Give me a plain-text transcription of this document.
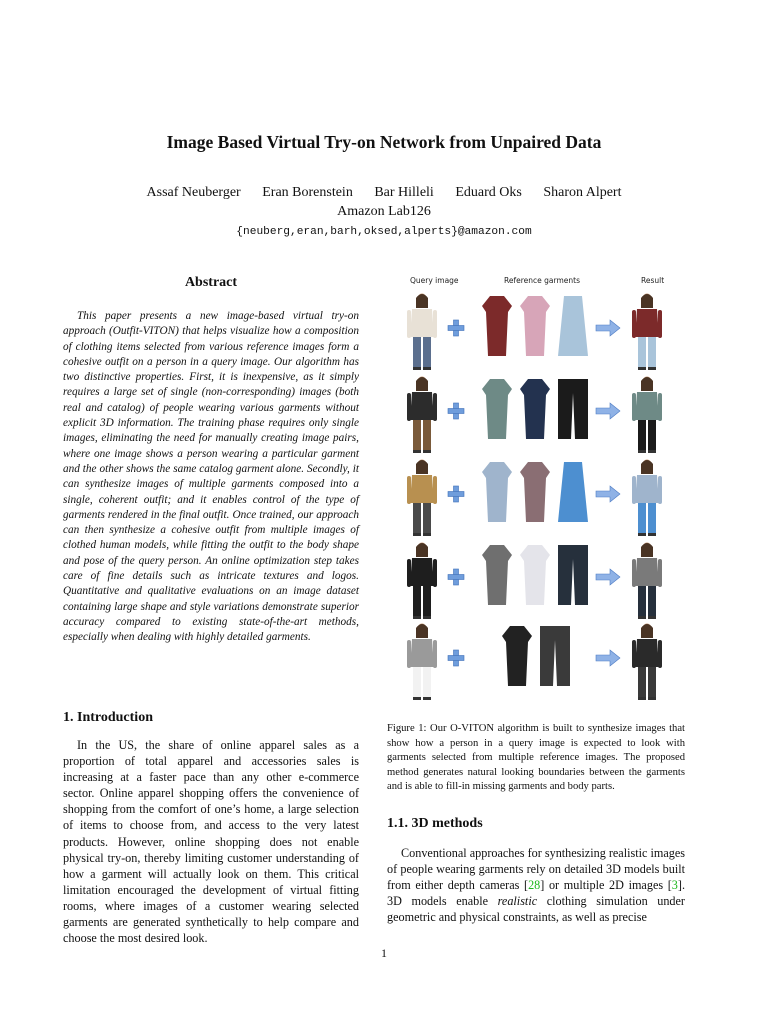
Image Based Virtual Try-on Network from Unpaired Data
Assaf Neuberger Eran Borenstein Bar Hilleli Eduard Oks Sharon Alpert
Amazon Lab126
{neuberg,eran,barh,oksed,alperts}@amazon.com
Abstract
This paper presents a new image-based virtual try-on approach (Outfit-VITON) that helps visualize how a composition of clothing items selected from various reference images form a cohesive outfit on a person in a query image. Our algorithm has two distinctive properties. First, it is inexpensive, as it simply requires a large set of single (non-corresponding) images (both real and catalog) of people wearing various garments without explicit 3D information. The training phase requires only single images, eliminating the need for manually creating image pairs, where one image shows a person wearing a particular garment and the other shows the same catalog garment alone. Secondly, it can synthesize images of multiple garments composed into a single, coherent outfit; and it enables control of the type of garments rendered in the final outfit. Once trained, our approach can then synthesize a cohesive outfit from multiple images of clothed human models, while fitting the outfit to the body shape and pose of the query person. An online optimization step takes care of fine details such as intricate textures and logos. Quantitative and qualitative evaluations on an image dataset containing large shape and style variations demonstrate superior accuracy compared to existing state-of-the-art methods, especially when dealing with highly detailed garments.
1. Introduction
In the US, the share of online apparel sales as a proportion of total apparel and accessories sales is increasing at a faster pace than any other e-commerce sector. Online apparel shopping offers the convenience of shopping from the comfort of one’s home, a large selection of items to choose from, and access to the very latest products. However, online shopping does not enable physical try-on, thereby limiting customer understanding of how a garment will actually look on them. This critical limitation encouraged the development of virtual fitting rooms, where images of a customer wearing selected garments are generated synthetically to help compare and choose the most desired look.
Query image	Reference garments	Result
Figure 1: Our O-VITON algorithm is built to synthesize images that show how a person in a query image is expected to look with garments selected from multiple reference images. The proposed method generates natural looking boundaries between the garments and is able to fill-in missing garments and body parts.
1.1. 3D methods
Conventional approaches for synthesizing realistic images of people wearing garments rely on detailed 3D models built from either depth cameras [28] or multiple 2D images [3]. 3D models enable realistic clothing simulation under geometric and physical constraints, as well as precise
1
